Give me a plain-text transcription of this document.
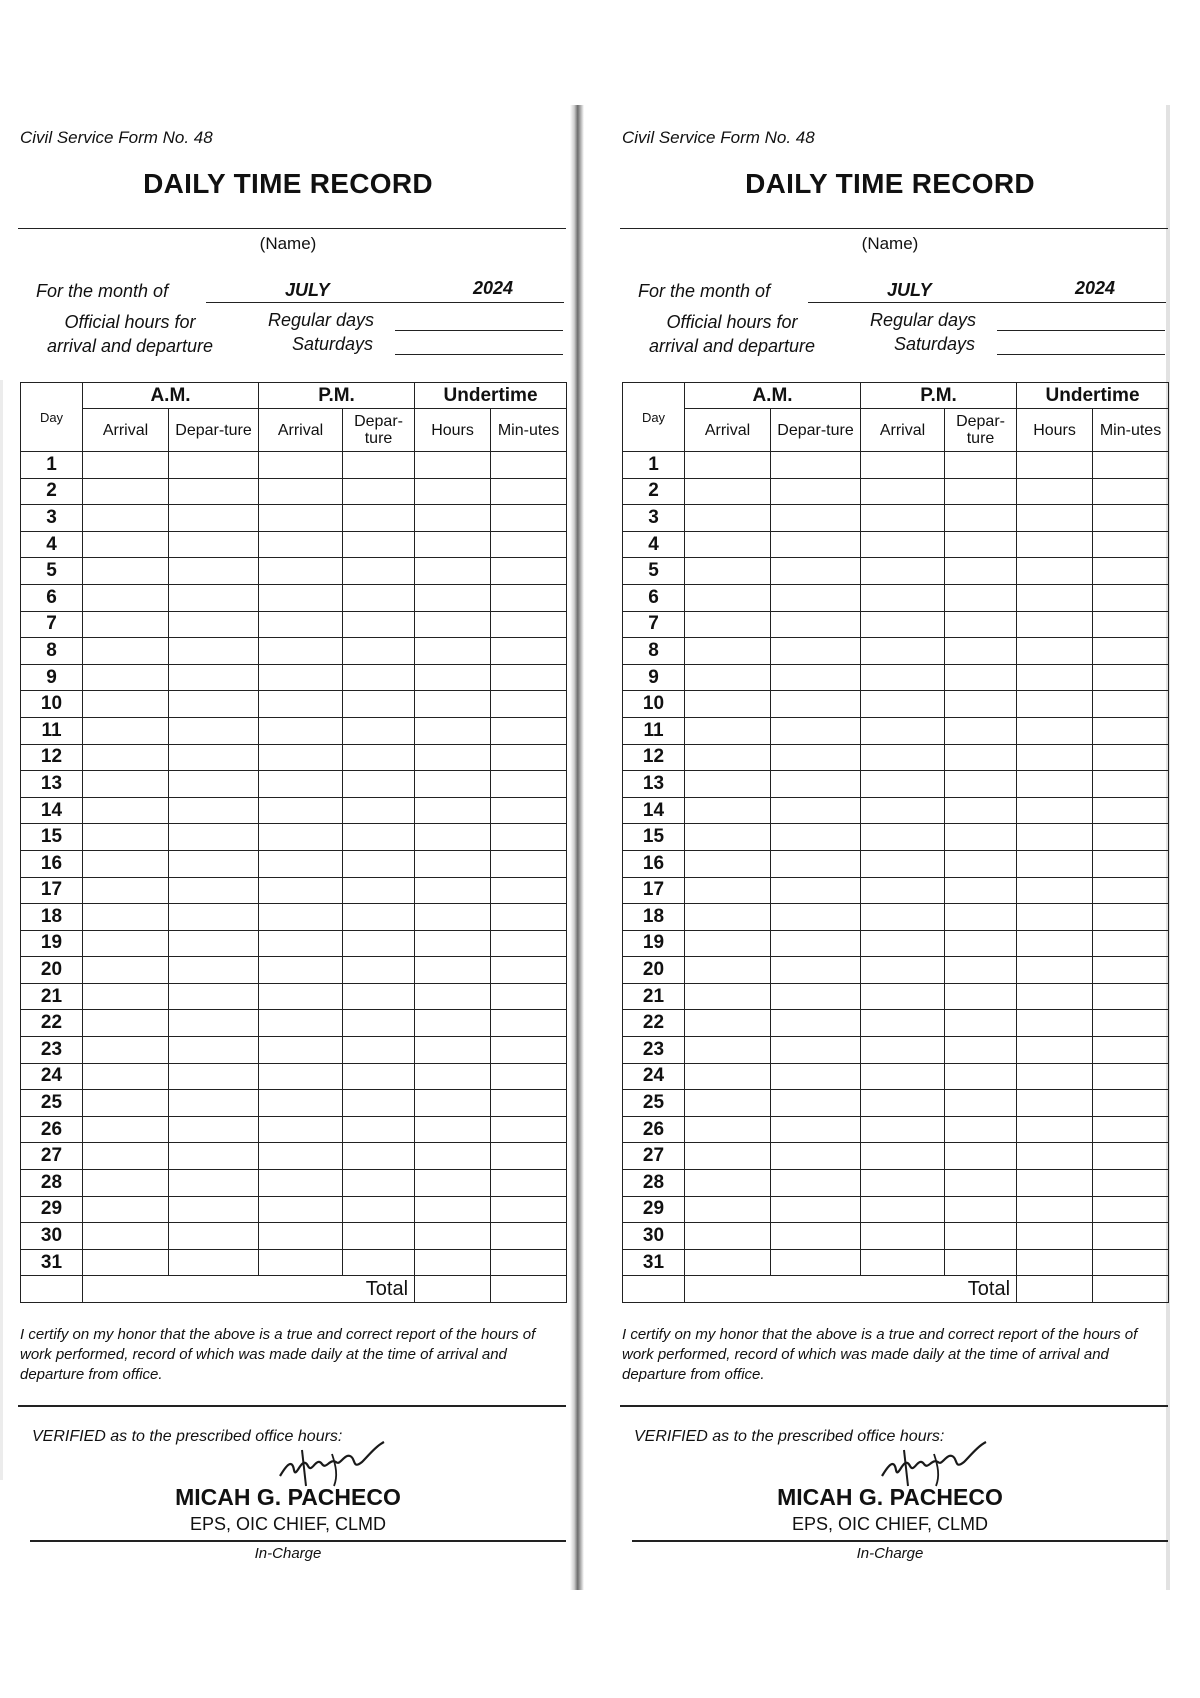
Civil Service Form No. 48
DAILY TIME RECORD
(Name)
For the month of	JULY	2024
Official hours for arrival and departure
Regular days
Saturdays
Day	A.M.		P.M.		Undertime	
	Arrival	Depar-ture	Arrival	Depar-ture	Hours	Min-utes
1						
2						
3						
4						
5						
6						
7						
8						
9						
10						
11						
12						
13						
14						
15						
16						
17						
18						
19						
20						
21						
22						
23						
24						
25						
26						
27						
28						
29						
30						
31						
	Total					
I certify on my honor that the above is a true and correct report of the hours of work performed, record of which was made daily at the time of arrival and departure from office.
VERIFIED as to the prescribed office hours:
MICAH G. PACHECO
EPS, OIC CHIEF, CLMD
In-Charge
Civil Service Form No. 48
DAILY TIME RECORD
(Name)
For the month of	JULY	2024
Official hours for arrival and departure
Regular days
Saturdays
Day	A.M.		P.M.		Undertime	
	Arrival	Depar-ture	Arrival	Depar-ture	Hours	Min-utes
1						
2						
3						
4						
5						
6						
7						
8						
9						
10						
11						
12						
13						
14						
15						
16						
17						
18						
19						
20						
21						
22						
23						
24						
25						
26						
27						
28						
29						
30						
31						
	Total					
I certify on my honor that the above is a true and correct report of the hours of work performed, record of which was made daily at the time of arrival and departure from office.
VERIFIED as to the prescribed office hours:
MICAH G. PACHECO
EPS, OIC CHIEF, CLMD
In-Charge
